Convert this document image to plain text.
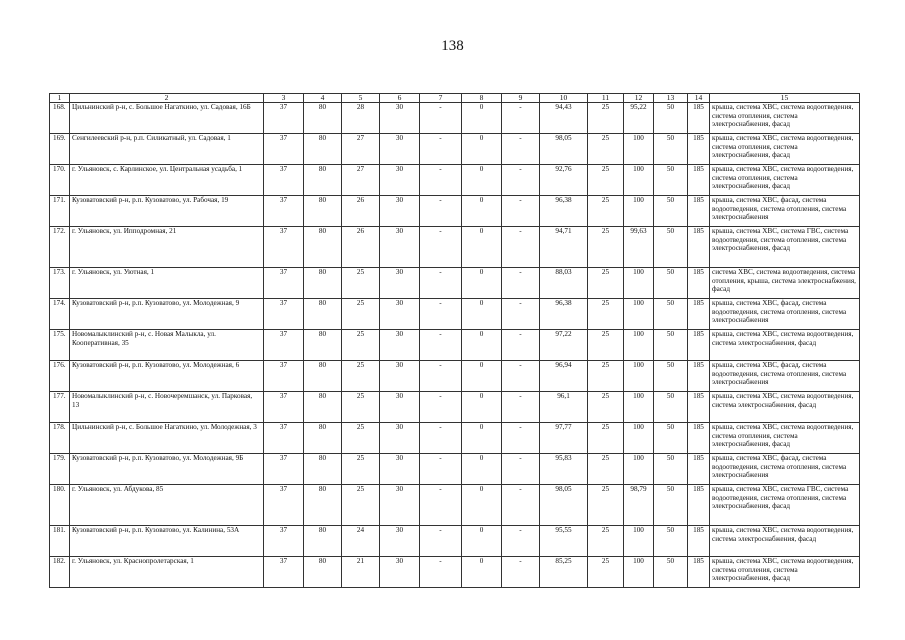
138
1	2	3	4	5	6	7	8	9	10	11	12	13	14	15
168.	Цильнинский р-н, с. Большое Нагаткино, ул. Садовая, 16Б	37	80	28	30	-	0	-	94,43	25	95,22	50	185	крыша, система ХВС, система водоотведения, система отопления, система электроснабжения, фасад
169.	Сенгилеевский р-н, р.п. Силикатный, ул. Садовая, 1	37	80	27	30	-	0	-	98,05	25	100	50	185	крыша, система ХВС, система водоотведения, система отопления, система электроснабжения, фасад
170.	г. Ульяновск, с. Карлинское, ул. Центральная усадьба, 1	37	80	27	30	-	0	-	92,76	25	100	50	185	крыша, система ХВС, система водоотведения, система отопления, система электроснабжения, фасад
171.	Кузоватовский р-н, р.п. Кузоватово, ул. Рабочая, 19	37	80	26	30	-	0	-	96,38	25	100	50	185	крыша, система ХВС, фасад, система водоотведения, система отопления, система электроснабжения
172.	г. Ульяновск, ул. Ипподромная, 21	37	80	26	30	-	0	-	94,71	25	99,63	50	185	крыша, система ХВС, система ГВС, система водоотведения, система отопления, система электроснабжения, фасад
173.	г. Ульяновск, ул. Уютная, 1	37	80	25	30	-	0	-	88,03	25	100	50	185	система ХВС, система водоотведения, система отопления, крыша, система электроснабжения, фасад
174.	Кузоватовский р-н, р.п. Кузоватово, ул. Молодежная, 9	37	80	25	30	-	0	-	96,38	25	100	50	185	крыша, система ХВС, фасад, система водоотведения, система отопления, система электроснабжения
175.	Новомалыклинский р-н, с. Новая Малыкла, ул. Кооперативная, 35	37	80	25	30	-	0	-	97,22	25	100	50	185	крыша, система ХВС, система водоотведения, система электроснабжения, фасад
176.	Кузоватовский р-н, р.п. Кузоватово, ул. Молодежная, 6	37	80	25	30	-	0	-	96,94	25	100	50	185	крыша, система ХВС, фасад, система водоотведения, система отопления, система электроснабжения
177.	Новомалыклинский р-н, с. Новочеремшанск, ул. Парковая, 13	37	80	25	30	-	0	-	96,1	25	100	50	185	крыша, система ХВС, система водоотведения, система электроснабжения, фасад
178.	Цильнинский р-н, с. Большое Нагаткино, ул. Молодежная, 3	37	80	25	30	-	0	-	97,77	25	100	50	185	крыша, система ХВС, система водоотведения, система отопления, система электроснабжения, фасад
179.	Кузоватовский р-н, р.п. Кузоватово, ул. Молодежная, 9Б	37	80	25	30	-	0	-	95,83	25	100	50	185	крыша, система ХВС, фасад, система водоотведения, система отопления, система электроснабжения
180.	г. Ульяновск, ул. Абдукова, 85	37	80	25	30	-	0	-	98,05	25	98,79	50	185	крыша, система ХВС, система ГВС, система водоотведения, система отопления, система электроснабжения, фасад
181.	Кузоватовский р-н, р.п. Кузоватово, ул. Калинина, 53А	37	80	24	30	-	0	-	95,55	25	100	50	185	крыша, система ХВС, система водоотведения, система электроснабжения, фасад
182.	г. Ульяновск, ул. Краснопролетарская, 1	37	80	21	30	-	0	-	85,25	25	100	50	185	крыша, система ХВС, система водоотведения, система отопления, система электроснабжения, фасад
